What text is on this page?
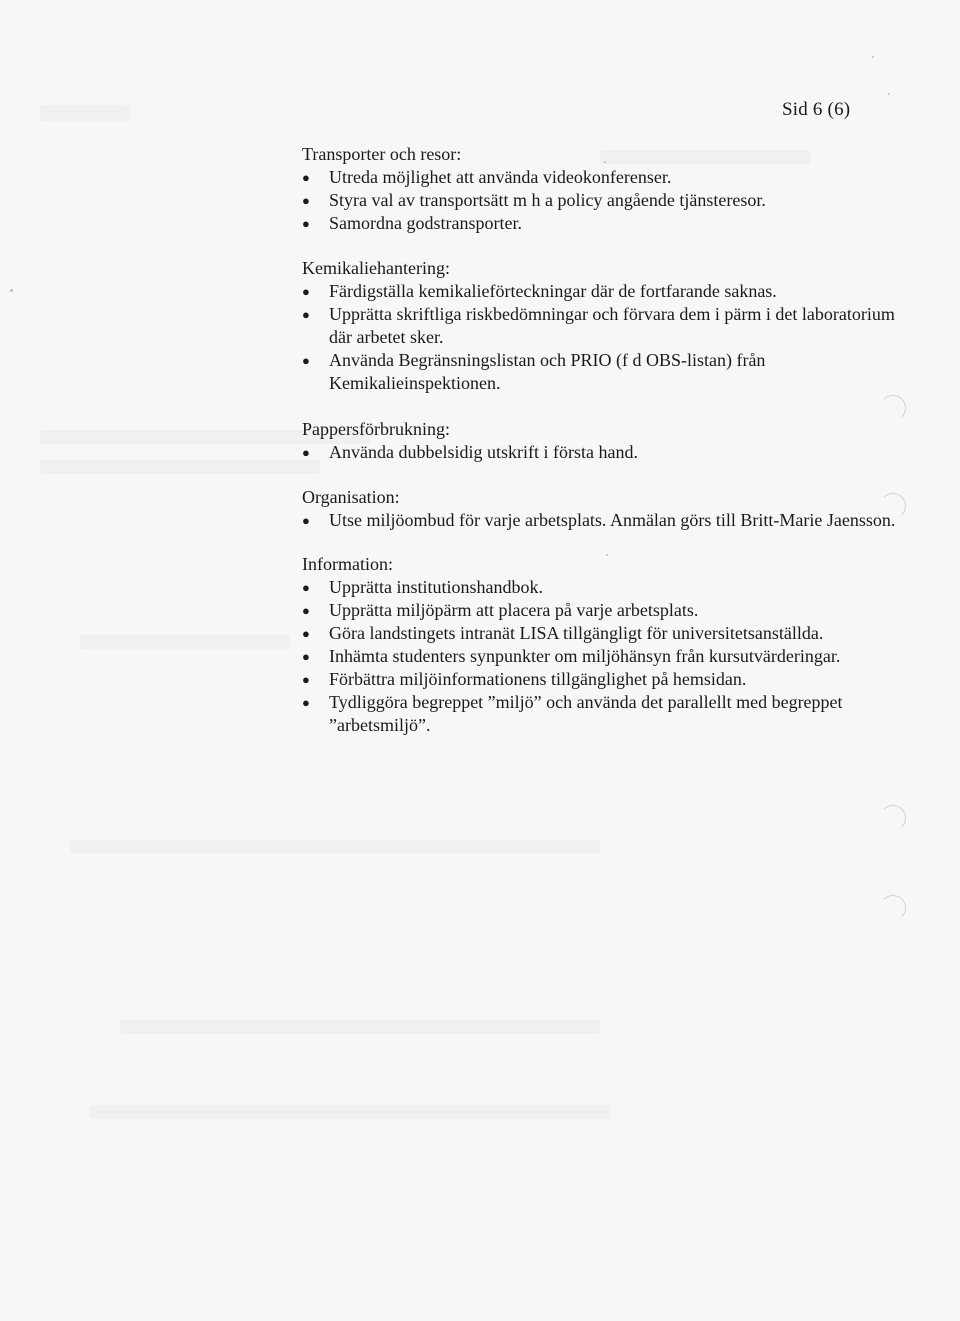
Sid 6 (6)
Transporter och resor:
●	Utreda möjlighet att använda videokonferenser.
●	Styra val av transportsätt m h a policy angående tjänsteresor.
●	Samordna godstransporter.
Kemikaliehantering:
●	Färdigställa kemikalieförteckningar där de fortfarande saknas.
●	Upprätta skriftliga riskbedömningar och förvara dem i pärm i det laboratorium där arbetet sker.
●	Använda Begränsningslistan och PRIO (f d OBS-listan) från Kemikalieinspektionen.
Pappersförbrukning:
●	Använda dubbelsidig utskrift i första hand.
Organisation:
●	Utse miljöombud för varje arbetsplats. Anmälan görs till Britt-Marie Jaensson.
Information:
●	Upprätta institutionshandbok.
●	Upprätta miljöpärm att placera på varje arbetsplats.
●	Göra landstingets intranät LISA tillgängligt för universitetsanställda.
●	Inhämta studenters synpunkter om miljöhänsyn från kursutvärderingar.
●	Förbättra miljöinformationens tillgänglighet på hemsidan.
●	Tydliggöra begreppet ”miljö” och använda det parallellt med begreppet ”arbetsmiljö”.
